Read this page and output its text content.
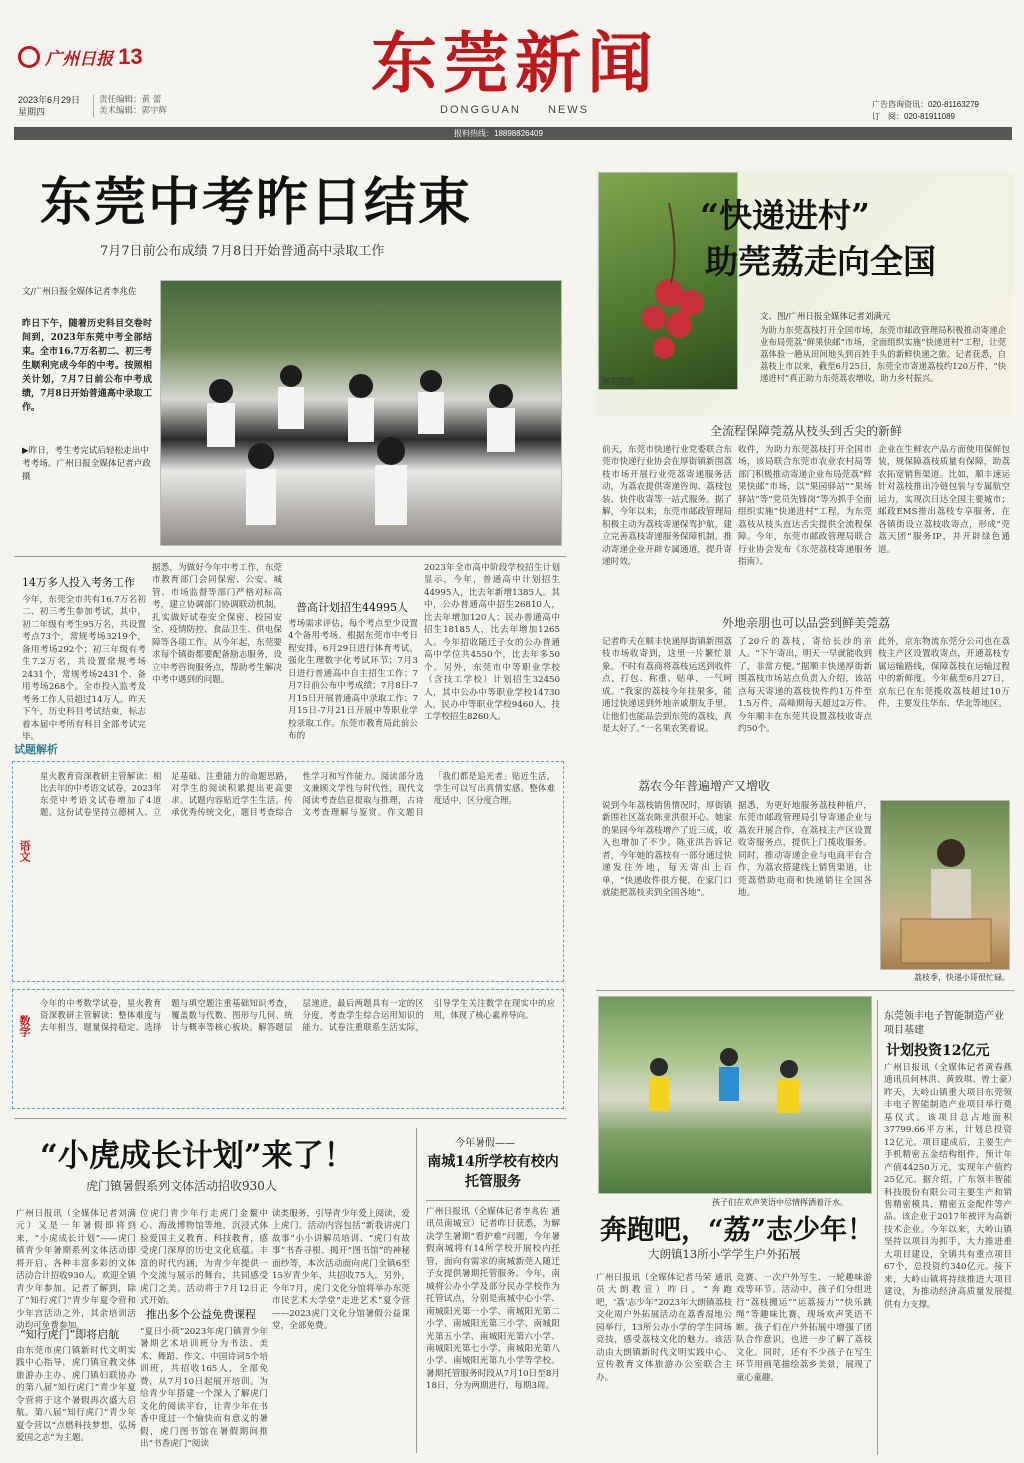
广州日报 13
2023年6月29日
星期四
责任编辑：黄 蕾
美术编辑：郭宇辉
东莞新闻
DONGGUAN NEWS	广告咨询资讯：020-81163279
订　阅：020-81911089
报料热线：18898826409
东莞中考昨日结束
7月7日前公布成绩 7月8日开始普通高中录取工作
文/广州日报全媒体记者李兆佐
昨日下午，随着历史科目交卷时间到，2023年东莞中考全部结束。全市16.7万名初二、初三考生顺利完成今年的中考。按照相关计划，7月7日前公布中考成绩，7月8日开始普通高中录取工作。
▶昨日，考生考完试后轻松走出中考考场。广州日报全媒体记者卢政摄
14万多人投入考务工作
今年，东莞全市共有16.7万名初二、初三考生参加考试，其中，初二年级有考生95万名，共设置考点73个，常规考场3219个，备用考场292个；初三年级有考生7.2万名，共设置常规考场2431个，常规考场2431个、备用考场268个。全市投入监考及考务工作人员超过14万人。昨天下午，历史科目考试结束，标志着本届中考所有科目全部考试完毕。
据悉，为做好今年中考工作，东莞市教育部门会同保密、公安、城管、市场监督等部门严格对标高考，建立协调部门协调联动机制，扎实做好试卷安全保密、校园安全、疫情防控、食品卫生、供电保障等各项工作。从今年起，东莞要求每个镇街都要配备励志服务，设立中考咨询服务点，帮助考生解决中考中遇到的问题。
普高计划招生44995人
考场需求评估，每个考点至少设置4个备用考场。根据东莞市中考日程安排，6月29日进行体育考试、强化生理数字化考试环节；7月3日进行普通高中自主招生工作；7月7日前公布中考成绩；7月8日-7月15日开展普通高中录取工作；7月15日-7月21日开展中等职业学校录取工作。东莞市教育局此前公布的
2023年全市高中阶段学校招生计划显示，今年，普通高中计划招生44995人，比去年新增1385人。其中，公办普通高中招生26810人，比去年增加120人；民办普通高中招生18185人，比去年增加1265人。今年招收随迁子女的公办普通高中学位共4550个，比去年多50个。另外，东莞市中等职业学校（含技工学校）计划招生32450人，其中公办中等职业学校14730人，民办中等职业学校9460人，技工学校招生8260人。
试题解析
语文
星火教育资深教研主管解读：相比去年的中考语文试卷，2023年东莞中考语文试卷增加了4道题。这份试卷坚持立德树人、立足基础、注重能力的命题思路，对学生的阅读积累提出更高要求。试题内容贴近学生生活，传承优秀传统文化，题目考查综合性学习和写作能力。阅读部分选文兼顾文学性与时代性，现代文阅读考查信息提取与推理，古诗文考查理解与鉴赏。作文题目「我们都是追光者」贴近生活，学生可以写出真情实感。整体难度适中，区分度合理。
数学
今年的中考数学试卷，星火教育资深教研主管解读：整体难度与去年相当，题量保持稳定。选择题与填空题注重基础知识考查，覆盖数与代数、图形与几何、统计与概率等核心板块。解答题层层递进，最后两题具有一定的区分度，考查学生综合运用知识的能力。试卷注重联系生活实际，引导学生关注数学在现实中的应用，体现了核心素养导向。
“小虎成长计划”来了！
虎门镇暑假系列文体活动招收930人
广州日报讯（全媒体记者刘满元）又是一年暑假即将到来，“小虎成长计划”——虎门镇青少年暑期系列文体活动即将开启，各种丰富多彩的文体活动合计招收930人，欢迎全镇青少年参加。记者了解到，除了“知行虎门”青少年夏令营和少年宫活动之外，其余培训活动均可免费参加。
“知行虎门”即将启航
由东莞市虎门镇新时代文明实践中心指导，虎门镇宣教文体旅游办主办、虎门镇妇联协办的第八届“知行虎门”青少年夏令营将于这个暑假再次盛大启航。第八届“知行虎门”青少年夏令营以“点燃科技梦想，弘扬爱国之志”为主题。
位虎门青少年行走虎门金鳌中心、海战博物馆等地，沉浸式体验爱国主义教育、科技教育，感受虎门深厚的历史文化底蕴。丰富的时代内涵，为青少年提供一个交流与展示的舞台，共同感受虎门之美。活动将于7月12日正式开始。
推出多个公益免费课程
“夏日小荷”2023年虎门镇青少年暑期艺术培训班分为书法、美术、舞蹈、作文、中国诗词5个培训班，共招收165人，全部免费，从7月10日起展开培训。为给青少年搭建一个深入了解虎门文化的阅读平台，让青少年在书香中度过一个愉快而有意义的暑假，虎门图书馆在暑假期间推出“书香虎门”阅读
读类服务，引导青少年爱上阅读，爱上虎门。活动内容包括“新我讲虎门故事”小小讲解员培训、“虎门有故事”书香寻根、揭开“图书馆”的神秘面纱等，本次活动面向虎门全镇6至15岁青少年，共招收75人。另外，今年7月，虎门文化分馆将举办东莞市民艺术大学堂“走进艺术”夏令营——2023虎门文化分馆暑假公益课堂，全部免费。
今年暑假——
南城14所学校有校内托管服务
广州日报讯（全媒体记者李兆佐 通讯员南城宣）记者昨日获悉，为解决学生暑期“看护难”问题，今年暑假南城将有14所学校开展校内托管，面向有需求的南城新莞人随迁子女提供暑期托管服务。今年，南城将公办小学及部分民办学校作为托管试点，分别是南城中心小学、南城阳光第一小学、南城阳光第二小学、南城阳光第三小学、南城阳光第五小学、南城阳光第六小学、南城阳光第七小学、南城阳光第八小学、南城阳光第九小学等学校。暑期托管服务时段从7月10日至8月18日，分为两期进行，每期3周。
鲜美荔荔
“快递进村”
助莞荔走向全国
文、图/广州日报全媒体记者刘满元
为助力东莞荔枝打开全国市场，东莞市邮政管理局积极推动寄递企业布局莞荔“鲜果快邮”市场，全面组织实施“快递进村”工程，让莞荔体验一趟从田间地头到百姓手头的新鲜快递之旅。记者获悉，自荔枝上市以来，截至6月25日，东莞全市寄递荔枝约120万件，“快递进村”真正助力东莞荔农增收，助力乡村振兴。
全流程保障莞荔从枝头到舌尖的新鲜
前天，东莞市快递行业党委联合东莞市快递行业协会在厚街镇新围荔枝市场开展行业莞荔寄递服务活动，为荔农提供寄递咨询、荔枝包装、快件收寄等一站式服务。据了解，今年以来，东莞市邮政管理局积极主动为荔枝寄递保驾护航，建立完善荔枝寄递服务保障机制，推动寄递企业开辟专属通道，提升寄递时效。
收件，为助力东莞荔枝打开全国市场，该局联合东莞市农业农村局等部门积极推动寄递企业布局莞荔“鲜果快邮”市场，以“果园驿站”“果场驿站”等“党员先锋岗”等为抓手全面组织实施“快递进村”工程，为东莞荔枝从枝头直达舌尖提供全流程保障。今年，东莞市邮政管理局联合行业协会发布《东莞荔枝寄递服务指南》。
企业在生鲜农产品方面使用保鲜包装，规保障荔枝质量有保障，助荔农拓宽销售渠道。比如，顺丰速运针对荔枝推出冷链包装与专属航空运力，实现次日达全国主要城市；邮政EMS推出荔枝专享服务，在各镇街设立荔枝收寄点，形成“莞荔天团”服务IP，并开辟绿色通道。
外地亲朋也可以品尝到鲜美莞荔
记者昨天在顺丰快递厚街镇新围荔枝市场收寄到，这里一片繁忙景象。不时有荔商将荔枝运送到收件点，打包、称重、贴单，一气呵成。“我家的荔枝今年挂果多，能通过快递送到外地亲戚朋友手里，让他们也能品尝到东莞的荔枝，真是太好了。”一名果农笑着说。
了20斤的荔枝，寄给长沙的亲人。“下午寄出，明天一早就能收到了，非常方便。”据顺丰快递厚街新围荔枝市场站点负责人介绍，该站点每天寄递的荔枝快件约1万件至1.5万件，高峰期每天超过2万件。今年顺丰在东莞共设置荔枝收寄点约50个。
此外，京东物流东莞分公司也在荔枝主产区设置收寄点，开通荔枝专属运输路线，保障荔枝在运输过程中的新鲜度。今年截至6月27日，京东已在东莞揽收荔枝超过10万件，主要发往华东、华北等地区。
荔农今年普遍增产又增收
说到今年荔枝销售情况时，厚街镇新围社区荔农陈亚洪很开心。她家的果园今年荔枝增产了近三成，收入也增加了不少。陈亚洪告诉记者，今年她的荔枝有一部分通过快递发往外地，每天寄出上百单，“快递收件很方便，在家门口就能把荔枝卖到全国各地”。
据悉，为更好地服务荔枝种植户，东莞市邮政管理局引导寄递企业与荔农开展合作，在荔枝主产区设置收寄服务点，提供上门揽收服务。同时，推动寄递企业与电商平台合作，为荔农搭建线上销售渠道，让莞荔借助电商和快递销往全国各地。
荔枝季，快递小哥很忙碌。
孩子们在欢声笑语中尽情挥洒着汗水。
奔跑吧，“荔”志少年！
大朗镇13所小学学生户外拓展
广州日报讯（全媒体记者马荣 通讯员大朗教宣）昨日，“奔跑吧，‘荔’志少年”2023年大朗镇荔枝文化周户外拓展活动在荔香湿地公园举行，13所公办小学的学生同场竞技，感受荔枝文化的魅力。该活动由大朗镇新时代文明实践中心、宣传教育文体旅游办公室联合主办。
竞赛、一次户外写生、一轮趣味游戏等环节。活动中，孩子们分组进行“荔枝搬运”“运荔接力”“快乐跳绳”等趣味比赛，现场欢声笑语不断。孩子们在户外拓展中增强了团队合作意识，也进一步了解了荔枝文化。同时，还有不少孩子在写生环节用画笔描绘荔乡美景，展现了童心童趣。
东莞领丰电子智能制造产业项目基建
计划投资12亿元
广州日报讯（全媒体记者黄春燕 通讯员何林洪、黄致琪、曾士豪）昨天，大岭山镇重大项目东莞领丰电子智能制造产业项目举行奠基仪式。该项目总占地面积37799.66平方米，计划总投资12亿元。项目建成后，主要生产手机精密五金结构组件，预计年产值44250万元，实现年产值约25亿元。据介绍，广东领丰智能科技股份有限公司主要生产和销售精密模具、精密五金配件等产品。该企业于2017年被评为高新技术企业。今年以来，大岭山镇坚持以项目为抓手，大力推进重大项目建设，全镇共有重点项目67个，总投资约340亿元。接下来，大岭山镇将持续推进大项目建设，为推动经济高质量发展提供有力支撑。
